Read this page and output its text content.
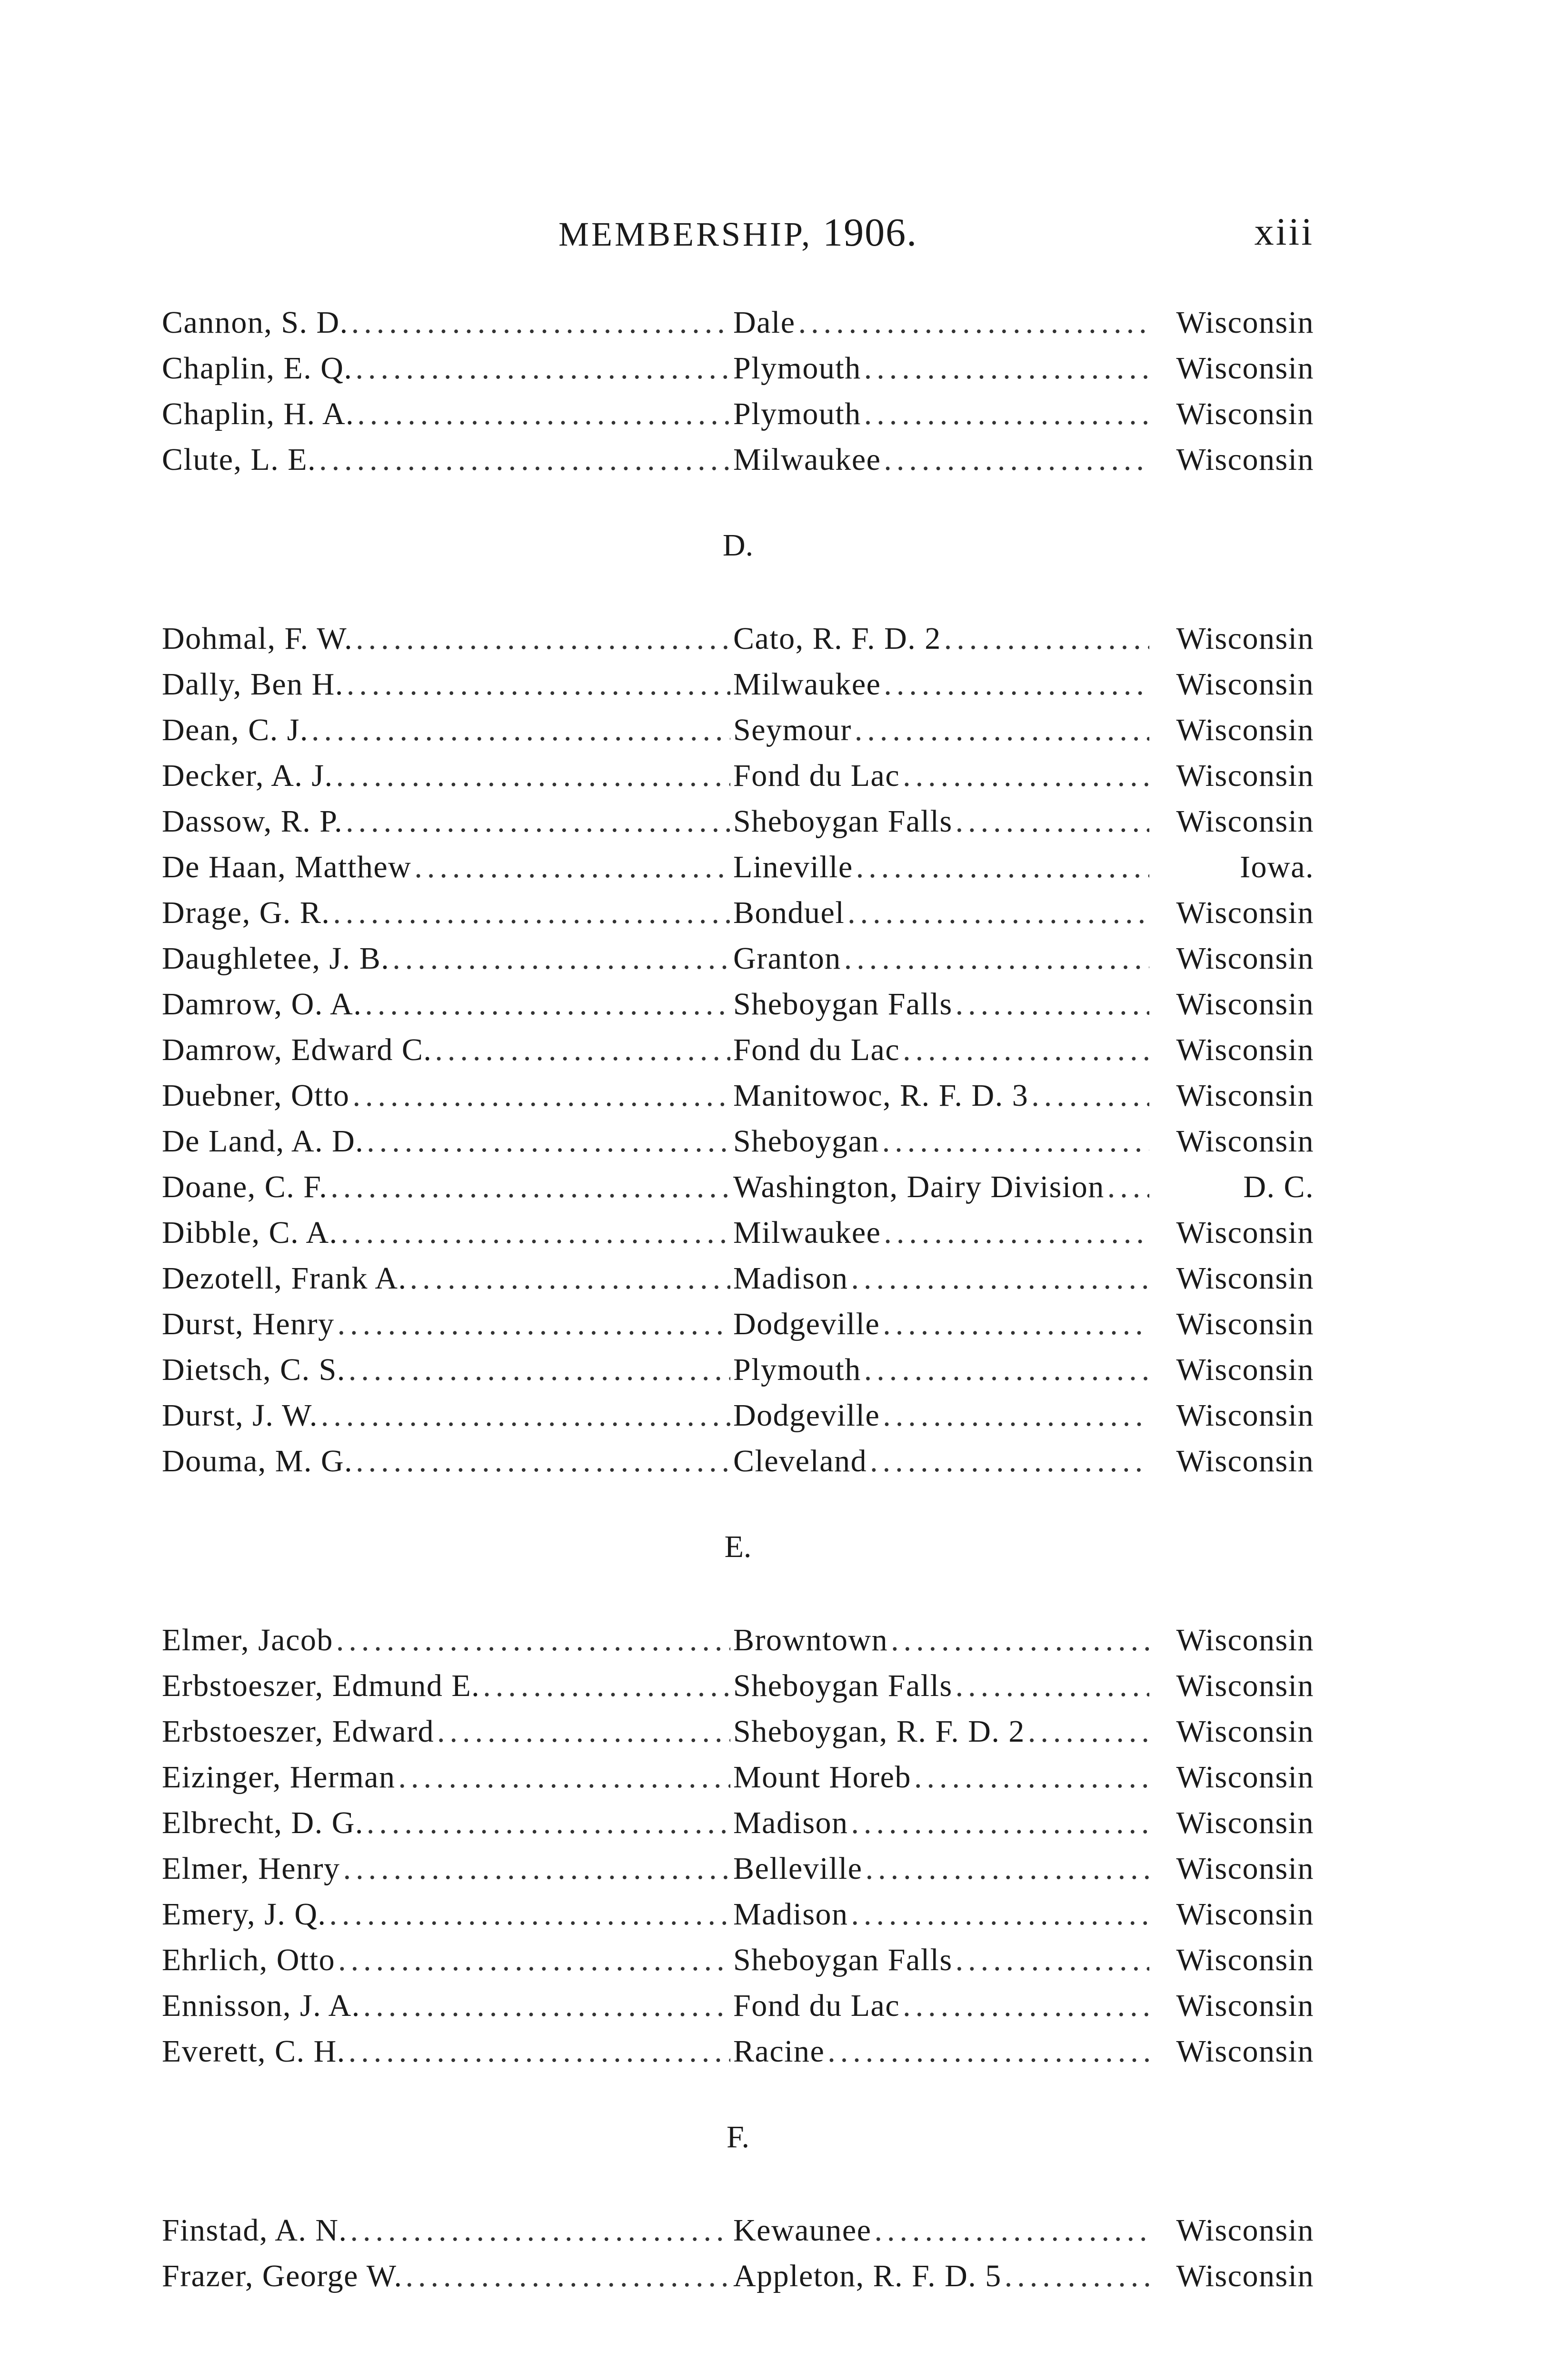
MEMBERSHIP, 1906.	xiii
Cannon, S. D. .....	Dale .....	Wisconsin
Chaplin, E. Q. .....	Plymouth .....	Wisconsin
Chaplin, H. A. .....	Plymouth .....	Wisconsin
Clute, L. E. .....	Milwaukee .....	Wisconsin
D.
Dohmal, F. W. .....	Cato, R. F. D. 2 .....	Wisconsin
Dally, Ben H. .....	Milwaukee .....	Wisconsin
Dean, C. J. .....	Seymour .....	Wisconsin
Decker, A. J. .....	Fond du Lac .....	Wisconsin
Dassow, R. P. .....	Sheboygan Falls .....	Wisconsin
De Haan, Matthew .....	Lineville .....	Iowa.
Drage, G. R. .....	Bonduel .....	Wisconsin
Daughletee, J. B. .....	Granton .....	Wisconsin
Damrow, O. A. .....	Sheboygan Falls .....	Wisconsin
Damrow, Edward C. .....	Fond du Lac .....	Wisconsin
Duebner, Otto .....	Manitowoc, R. F. D. 3 .....	Wisconsin
De Land, A. D. .....	Sheboygan .....	Wisconsin
Doane, C. F. .....	Washington, Dairy Division .....	D. C.
Dibble, C. A. .....	Milwaukee .....	Wisconsin
Dezotell, Frank A. .....	Madison .....	Wisconsin
Durst, Henry .....	Dodgeville .....	Wisconsin
Dietsch, C. S. .....	Plymouth .....	Wisconsin
Durst, J. W. .....	Dodgeville .....	Wisconsin
Douma, M. G. .....	Cleveland .....	Wisconsin
E.
Elmer, Jacob .....	Browntown .....	Wisconsin
Erbstoeszer, Edmund E. .....	Sheboygan Falls .....	Wisconsin
Erbstoeszer, Edward .....	Sheboygan, R. F. D. 2 .....	Wisconsin
Eizinger, Herman .....	Mount Horeb .....	Wisconsin
Elbrecht, D. G. .....	Madison .....	Wisconsin
Elmer, Henry .....	Belleville .....	Wisconsin
Emery, J. Q. .....	Madison .....	Wisconsin
Ehrlich, Otto .....	Sheboygan Falls .....	Wisconsin
Ennisson, J. A. .....	Fond du Lac .....	Wisconsin
Everett, C. H. .....	Racine .....	Wisconsin
F.
Finstad, A. N. .....	Kewaunee .....	Wisconsin
Frazer, George W. .....	Appleton, R. F. D. 5 .....	Wisconsin
